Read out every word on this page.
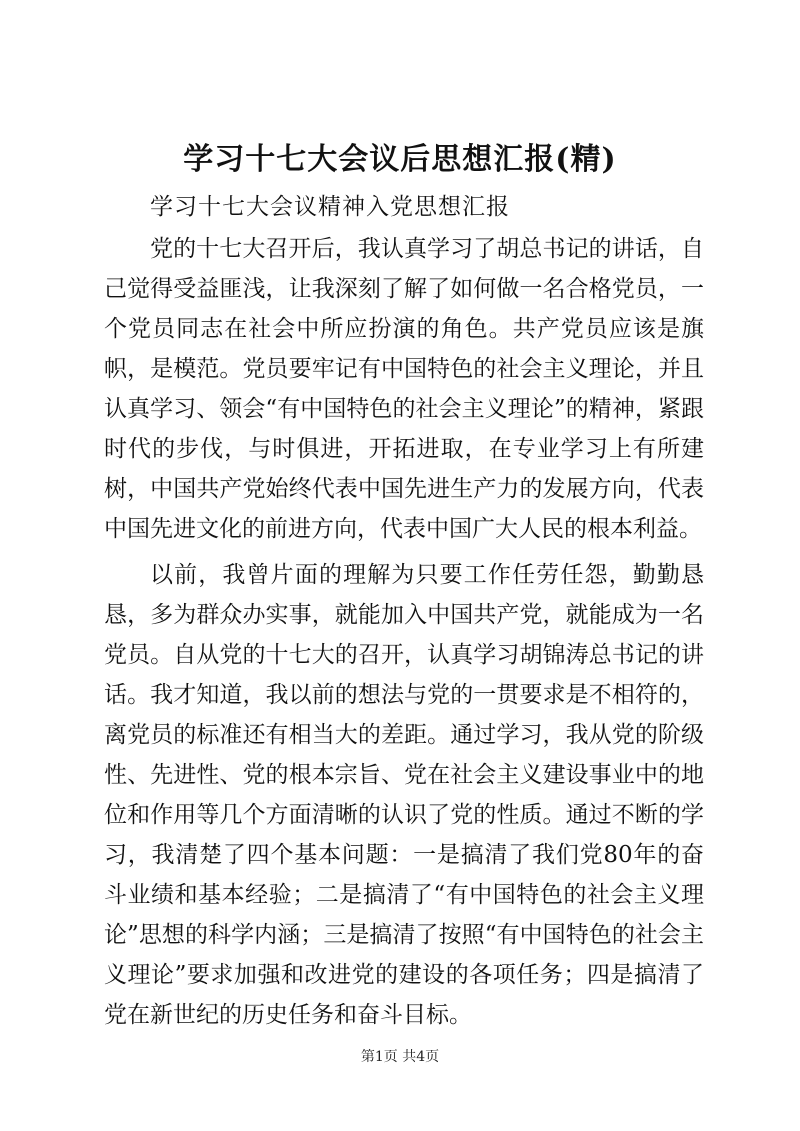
学习十七大会议后思想汇报(精)
学习十七大会议精神入党思想汇报

党的十七大召开后，我认真学习了胡总书记的讲话，自己觉得受益匪浅，让我深刻了解了如何做一名合格党员，一个党员同志在社会中所应扮演的角色。共产党员应该是旗帜，是模范。党员要牢记有中国特色的社会主义理论，并且认真学习、领会“有中国特色的社会主义理论”的精神，紧跟时代的步伐，与时俱进，开拓进取，在专业学习上有所建树，中国共产党始终代表中国先进生产力的发展方向，代表中国先进文化的前进方向，代表中国广大人民的根本利益。

以前，我曾片面的理解为只要工作任劳任怨，勤勤恳恳，多为群众办实事，就能加入中国共产党，就能成为一名党员。自从党的十七大的召开，认真学习胡锦涛总书记的讲话。我才知道，我以前的想法与党的一贯要求是不相符的，离党员的标准还有相当大的差距。通过学习，我从党的阶级性、先进性、党的根本宗旨、党在社会主义建设事业中的地位和作用等几个方面清晰的认识了党的性质。通过不断的学习，我清楚了四个基本问题：一是搞清了我们党80年的奋斗业绩和基本经验；二是搞清了“有中国特色的社会主义理论”思想的科学内涵；三是搞清了按照“有中国特色的社会主义理论”要求加强和改进党的建设的各项任务；四是搞清了党在新世纪的历史任务和奋斗目标。

第1页 共4页
